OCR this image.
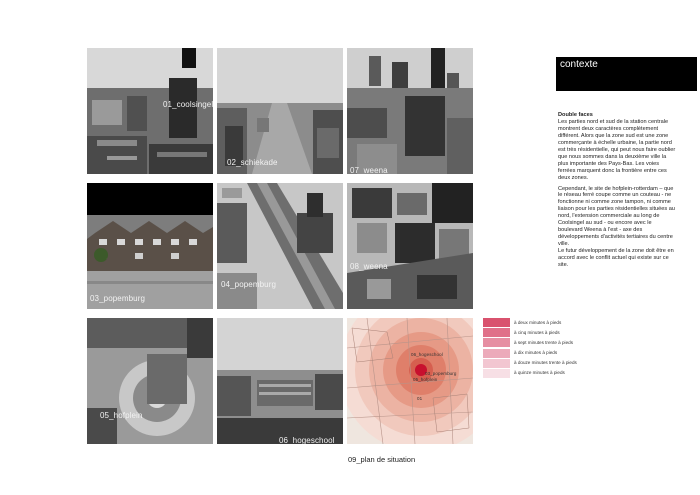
01_coolsingel
02_schiekade
07_weena
03_popemburg
04_popemburg
08_weena
05_hofplein
06_hogeschool
06_hogeschool
03_popemburg
05_hofplein
01
09_plan de situation
contexte
Double faces

Les parties nord et sud de la station centrale montrent deux caractères complètement différent. Alors que la zone sud est une zone commerçante à échelle urbaine, la partie nord est très résidentielle, qui peut nous faire oublier que nous sommes dans la deuxième ville la plus importante des Pays-Bas. Les voies ferrées marquent donc la frontière entre ces deux zones.

Cependant, le site de hofplein-rotterdam – que le réseau ferré coupe comme un couteau - ne fonctionne ni comme zone tampon, ni comme liaison pour les parties résidentielles situées au nord, l'extension commerciale au long de Coolsingel au sud - ou encore avec le boulevard Weena à l'est - axe des développements d'activités tertiaires du centre ville.
Le futur développement de la zone doit être en accord avec le conflit actuel qui existe sur ce site.

à deux minutes à pieds
à cinq minutes à pieds
à sept minutes trente à pieds
à dix minutes à pieds
à douze minutes trente à pieds
à quinze minutes à pieds
